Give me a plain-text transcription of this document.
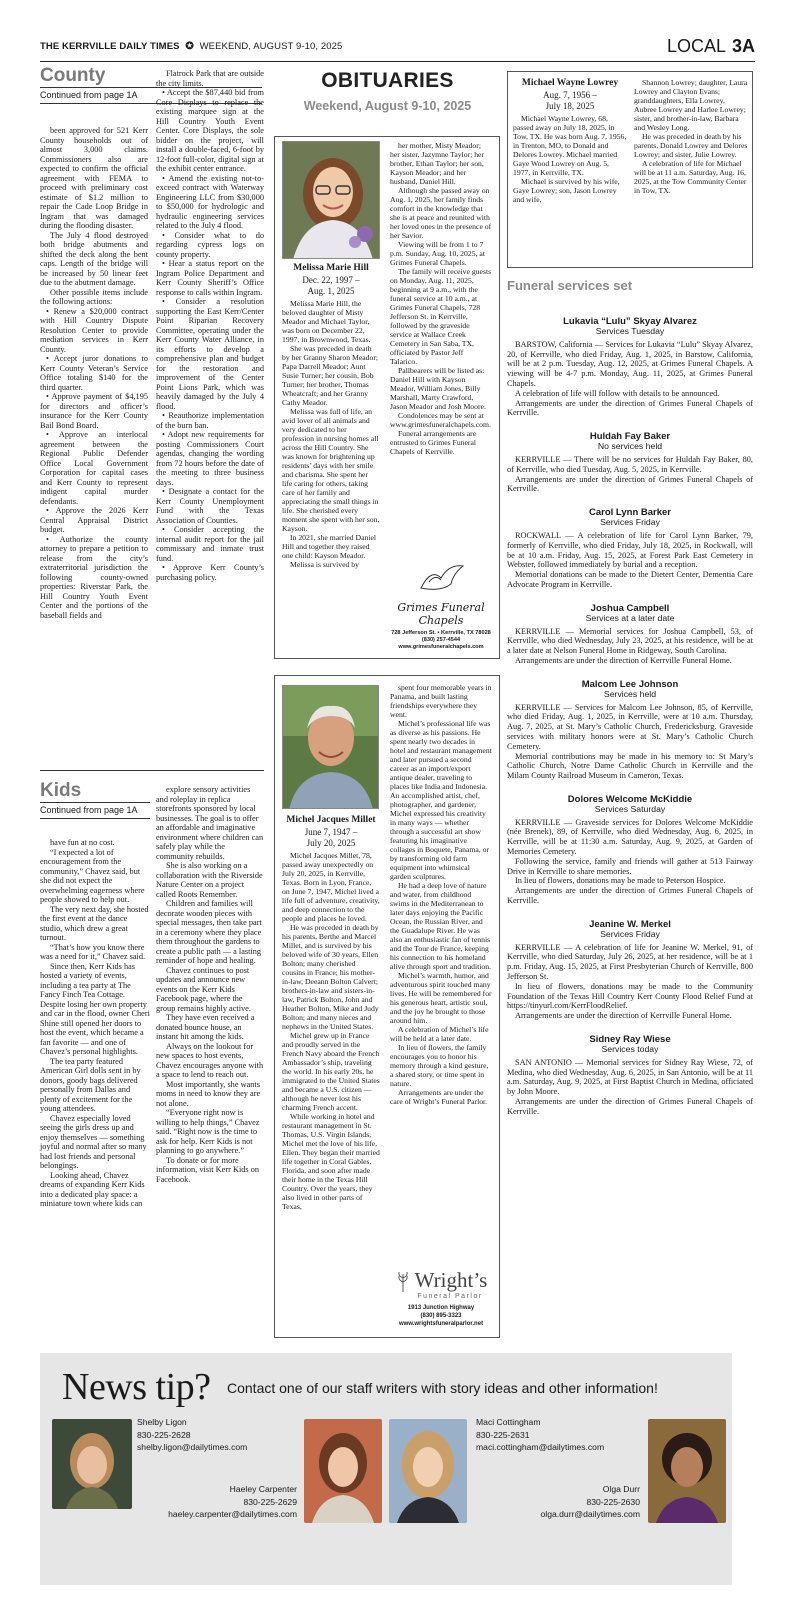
THE KERRVILLE DAILY TIMES ✪ WEEKEND, AUGUST 9-10, 2025	LOCAL 3A
County
Continued from page 1A

been approved for 521 Kerr County households out of almost 3,000 claims. Commissioners also are expected to confirm the official agreement with FEMA to proceed with preliminary cost estimate of $1.2 million to repair the Cade Loop Bridge in Ingram that was damaged during the flooding disaster.

The July 4 flood destroyed both bridge abutments and shifted the deck along the bent caps. Length of the bridge will be increased by 50 linear feet due to the abutment damage.

Other possible items include the following actions:

• Renew a $20,000 contract with Hill Country Dispute Resolution Center to provide mediation services in Kerr County.

• Accept juror donations to Kerr County Veteran’s Service Office totaling $140 for the third quarter.

• Approve payment of $4,195 for directors and officer’s insurance for the Kerr County Bail Bond Board.

• Approve an interlocal agreement between the Regional Public Defender Office Local Government Corporation for capital cases and Kerr County to represent indigent capital murder defendants.

• Approve the 2026 Kerr Central Appraisal District budget.

• Authorize the county attorney to prepare a petition to release from the city’s extraterritorial jurisdiction the following county-owned properties: Riverstar Park, the Hill Country Youth Event Center and the portions of the baseball fields and

Flatrock Park that are outside the city limits.

• Accept the $87,440 bid from Core Displays to replace the existing marquee sign at the Hill Country Youth Event Center. Core Displays, the sole bidder on the project, will install a double-faced, 6-foot by 12-foot full-color, digital sign at the exhibit center entrance.

• Amend the existing not-to-exceed contract with Waterway Engineering LLC from $30,000 to $50,000 for hydrologic and hydraulic engineering services related to the July 4 flood.

• Consider what to do regarding cypress logs on county property.

• Hear a status report on the Ingram Police Department and Kerr County Sheriff’s Office response to calls within Ingram.

• Consider a resolution supporting the East Kerr/Center Point Riparian Recovery Committee, operating under the Kerr County Water Alliance, in its efforts to develop a comprehensive plan and budget for the restoration and improvement of the Center Point Lions Park, which was heavily damaged by the July 4 flood.

• Reauthorize implementation of the burn ban.

• Adopt new requirements for posting Commissioners Court agendas, changing the wording from 72 hours before the date of the meeting to three business days.

• Designate a contact for the Kerr County Unemployment Fund with the Texas Association of Counties.

• Consider accepting the internal audit report for the jail commissary and inmate trust fund.

• Approve Kerr County’s purchasing policy.

Kids
Continued from page 1A

have fun at no cost.

“I expected a lot of encouragement from the community,” Chavez said, but she did not expect the overwhelming eagerness where people showed to help out.

The very next day, she hosted the first event at the dance studio, which drew a great turnout.

“That’s how you know there was a need for it,” Chavez said.

Since then, Kerr Kids has hosted a variety of events, including a tea party at The Fancy Finch Tea Cottage. Despite losing her own property and car in the flood, owner Cheri Shine still opened her doors to host the event, which became a fan favorite — and one of Chavez’s personal highlights.

The tea party featured American Girl dolls sent in by donors, goody bags delivered personally from Dallas and plenty of excitement for the young attendees.

Chavez especially loved seeing the girls dress up and enjoy themselves — something joyful and normal after so many had lost friends and personal belongings.

Looking ahead, Chavez dreams of expanding Kerr Kids into a dedicated play space: a miniature town where kids can

explore sensory activities and roleplay in replica storefronts sponsored by local businesses. The goal is to offer an affordable and imaginative environment where children can safely play while the community rebuilds.

She is also working on a collaboration with the Riverside Nature Center on a project called Roots Remember.

Children and families will decorate wooden pieces with special messages, then take part in a ceremony where they place them throughout the gardens to create a public path — a lasting reminder of hope and healing.

Chavez continues to post updates and announce new events on the Kerr Kids Facebook page, where the group remains highly active.

They have even received a donated bounce house, an instant hit among the kids.

Always on the lookout for new spaces to host events, Chavez encourages anyone with a space to lend to reach out.

Most importantly, she wants moms in need to know they are not alone.

“Everyone right now is willing to help things,” Chavez said. “Right now is the time to ask for help. Kerr Kids is not planning to go anywhere.”

To donate or for more information, visit Kerr Kids on Facebook.

OBITUARIES
Weekend, August 9-10, 2025

Melissa Marie Hill

Dec. 22, 1997 –
Aug. 1, 2025

Melissa Marie Hill, the beloved daughter of Misty Meador and Michael Taylor, was born on December 22, 1997, in Brownwood, Texas.

She was preceded in death by her Granny Sharon Meador; Papa Darrell Meador; Aunt Susie Turner; her cousin, Bob Turner; her brother, Thomas Wheatcraft; and her Granny Cathy Meador.

Melissa was full of life, an avid lover of all animals and very dedicated to her profession in nursing homes all across the Hill Country. She was known for brightening up residents’ days with her smile and charisma. She spent her life caring for others, taking care of her family and appreciating the small things in life. She cherished every moment she spent with her son, Kayson.

In 2021, she married Daniel Hill and together they raised one child: Kayson Meador.

Melissa is survived by

her mother, Misty Meador; her sister, Jazymne Taylor; her brother, Ethan Taylor; her son, Kayson Meador; and her husband, Daniel Hill.

Although she passed away on Aug. 1, 2025, her family finds comfort in the knowledge that she is at peace and reunited with her loved ones in the presence of her Savior.

Viewing will be from 1 to 7 p.m. Sunday, Aug. 10, 2025, at Grimes Funeral Chapels.

The family will receive guests on Monday, Aug. 11, 2025, beginning at 9 a.m., with the funeral service at 10 a.m., at Grimes Funeral Chapels, 728 Jefferson St. in Kerrville, followed by the graveside service at Wallace Creek Cemetery in San Saba, TX, officiated by Pastor Jeff Talarico.

Pallbearers will be listed as: Daniel Hill with Kayson Meador, William Jones, Billy Marshall, Marty Crawford, Jason Meador and Josh Moore.

Condolences may be sent at www.grimesfuneralchapels.com.

Funeral arrangements are entrusted to Grimes Funeral Chapels of Kerrville.

Grimes Funeral Chapels
728 Jefferson St. • Kerrville, TX 78028
(830) 257-4544
www.grimesfuneralchapels.com

Michel Jacques Millet

June 7, 1947 –
July 20, 2025

Michel Jacques Millet, 78, passed away unexpectedly on July 20, 2025, in Kerrville, Texas. Born in Lyon, France, on June 7, 1947, Michel lived a life full of adventure, creativity, and deep connection to the people and places he loved.

He was preceded in death by his parents, Berthe and Marcel Millet, and is survived by his beloved wife of 30 years, Ellen Bolton; many cherished cousins in France; his mother-in-law, Deeann Bolton Calvert; brothers-in-law and sisters-in-law, Patrick Bolton, John and Heather Bolton, Mike and Judy Bolton; and many nieces and nephews in the United States.

Michel grew up in France and proudly served in the French Navy aboard the French Ambassador’s ship, traveling the world. In his early 20s, he immigrated to the United States and became a U.S. citizen — although he never lost his charming French accent.

While working in hotel and restaurant management in St. Thomas, U.S. Virgin Islands, Michel met the love of his life, Ellen. They began their married life together in Coral Gables, Florida, and soon after made their home in the Texas Hill Country. Over the years, they also lived in other parts of Texas,

spent four memorable years in Panama, and built lasting friendships everywhere they went.

Michel’s professional life was as diverse as his passions. He spent nearly two decades in hotel and restaurant management and later pursued a second career as an import/export antique dealer, traveling to places like India and Indonesia. An accomplished artist, chef, photographer, and gardener, Michel expressed his creativity in many ways — whether through a successful art show featuring his imaginative collages in Boquete, Panama, or by transforming old farm equipment into whimsical garden sculptures.

He had a deep love of nature and water, from childhood swims in the Mediterranean to later days enjoying the Pacific Ocean, the Russian River, and the Guadalupe River. He was also an enthusiastic fan of tennis and the Tour de France, keeping his connection to his homeland alive through sport and tradition.

Michel’s warmth, humor, and adventurous spirit touched many lives. He will be remembered for his generous heart, artistic soul, and the joy he brought to those around him.

A celebration of Michel’s life will be held at a later date.

In lieu of flowers, the family encourages you to honor his memory through a kind gesture, a shared story, or time spent in nature.

Arrangements are under the care of Wright’s Funeral Parlor.

Wright’s
Funeral Parlor
1913 Junction Highway
(830) 895-3323
www.wrightsfuneralparlor.net

Michael Wayne Lowrey

Aug. 7, 1956 –
July 18, 2025

Michael Wayne Lowrey, 68, passed away on July 18, 2025, in Tow, TX. He was born Aug. 7, 1956, in Trenton, MO, to Donald and Delores Lowrey. Michael married Gaye Wood Lowrey on Aug. 5, 1977, in Kerrville, TX.

Michael is survived by his wife, Gaye Lowrey; son, Jason Lowrey and wife,

Shannon Lowrey; daughter, Laura Lowrey and Clayton Evans; granddaughters, Ella Lowrey, Aubree Lowrey and Harlee Lowrey; sister, and brother-in-law, Barbara and Wesley Long.

He was preceded in death by his parents, Donald Lowrey and Delores Lowrey; and sister, Julie Lowrey.

A celebration of life for Michael will be at 11 a.m. Saturday, Aug. 16, 2025, at the Tow Community Center in Tow, TX.

Funeral services set
Lukavia “Lulu” Skyay Alvarez
Services Tuesday

BARSTOW, California — Services for Lukavia “Lulu” Skyay Alvarez, 20, of Kerrville, who died Friday, Aug. 1, 2025, in Barstow, California, will be at 2 p.m. Tuesday, Aug. 12, 2025, at Grimes Funeral Chapels. A viewing will be 4-7 p.m. Monday, Aug. 11, 2025, at Grimes Funeral Chapels.

A celebration of life will follow with details to be announced.

Arrangements are under the direction of Grimes Funeral Chapels of Kerrville.

Huldah Fay Baker
No services held

KERRVILLE — There will be no services for Huldah Fay Baker, 80, of Kerrville, who died Tuesday, Aug. 5, 2025, in Kerrville.

Arrangements are under the direction of Grimes Funeral Chapels of Kerrville.

Carol Lynn Barker
Services Friday

ROCKWALL — A celebration of life for Carol Lynn Barker, 79, formerly of Kerrville, who died Friday, July 18, 2025, in Rockwall, will be at 10 a.m. Friday, Aug. 15, 2025, at Forest Park East Cemetery in Webster, followed immediately by burial and a reception.

Memorial donations can be made to the Dietert Center, Dementia Care Advocate Program in Kerrville.

Joshua Campbell
Services at a later date

KERRVILLE — Memorial services for Joshua Campbell, 53, of Kerrville, who died Wednesday, July 23, 2025, at his residence, will be at a later date at Nelson Funeral Home in Ridgeway, South Carolina.

Arrangements are under the direction of Kerrville Funeral Home.

Malcom Lee Johnson
Services held

KERRVILLE — Services for Malcom Lee Johnson, 85, of Kerrville, who died Friday, Aug. 1, 2025, in Kerrville, were at 10 a.m. Thursday, Aug. 7, 2025, at St. Mary’s Catholic Church, Fredericksburg. Graveside services with military honors were at St. Mary’s Catholic Church Cemetery.

Memorial contributions may be made in his memory to: St Mary’s Catholic Church, Notre Dame Catholic Church in Kerrville and the Milam County Railroad Museum in Cameron, Texas.

Dolores Welcome McKiddie
Services Saturday

KERRVILLE — Graveside services for Dolores Welcome McKiddie (née Brenek), 89, of Kerrville, who died Wednesday, Aug. 6, 2025, in Kerrville, will be at 11:30 a.m. Saturday, Aug. 9, 2025, at Garden of Memories Cemetery.

Following the service, family and friends will gather at 513 Fairway Drive in Kerrville to share memories.

In lieu of flowers, donations may be made to Peterson Hospice.

Arrangements are under the direction of Grimes Funeral Chapels of Kerrville.

Jeanine W. Merkel
Services Friday

KERRVILLE — A celebration of life for Jeanine W. Merkel, 91, of Kerrville, who died Saturday, July 26, 2025, at her residence, will be at 1 p.m. Friday, Aug. 15, 2025, at First Presbyterian Church of Kerrville, 800 Jefferson St.

In lieu of flowers, donations may be made to the Community Foundation of the Texas Hill Country Kerr County Flood Relief Fund at https://tinyurl.com/KerrFloodRelief.

Arrangements are under the direction of Kerrville Funeral Home.

Sidney Ray Wiese
Services today

SAN ANTONIO — Memorial services for Sidney Ray Wiese, 72, of Medina, who died Wednesday, Aug. 6, 2025, in San Antonio, will be at 11 a.m. Saturday, Aug. 9, 2025, at First Baptist Church in Medina, officiated by John Moore.

Arrangements are under the direction of Grimes Funeral Chapels of Kerrville.

News tip? Contact one of our staff writers with story ideas and other information!
Shelby Ligon
830-225-2628
shelby.ligon@dailytimes.com
Haeley Carpenter
830-225-2629
haeley.carpenter@dailytimes.com
Maci Cottingham
830-225-2631
maci.cottingham@dailytimes.com
Olga Durr
830-225-2630
olga.durr@dailytimes.com
